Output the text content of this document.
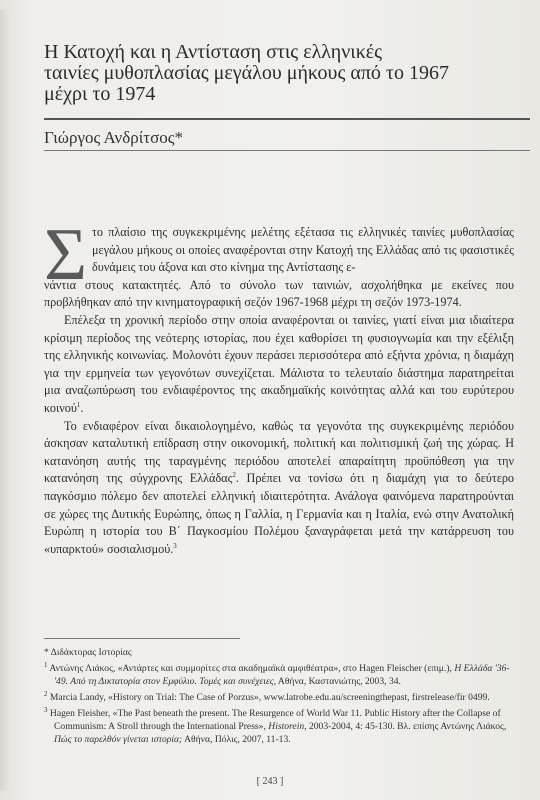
Η Κατοχή και η Αντίσταση στις ελληνικές
ταινίες μυθοπλασίας μεγάλου μήκους από το 1967
μέχρι το 1974
Γιώργος Ανδρίτσος*

Σ το πλαίσιο της συγκεκριμένης μελέτης εξέτασα τις ελληνικές ταινίες μυθοπλασίας μεγάλου μήκους οι οποίες αναφέρονται στην Κατοχή της Ελλάδας από τις φασιστικές δυνάμεις του άξονα και στο κίνημα της Αντίστασης ε-
νάντια στους κατακτητές. Από το σύνολο των ταινιών, ασχολήθηκα με εκείνες που προβλήθηκαν από την κινηματογραφική σεζόν 1967-1968 μέχρι τη σεζόν 1973-1974.

Επέλεξα τη χρονική περίοδο στην οποία αναφέρονται οι ταινίες, γιατί είναι μια ιδιαίτερα κρίσιμη περίοδος της νεότερης ιστορίας, που έχει καθορίσει τη φυσιογνωμία και την εξέλιξη της ελληνικής κοινωνίας. Μολονότι έχουν περάσει περισσότερα από εξήντα χρόνια, η διαμάχη για την ερμηνεία των γεγονότων συνεχίζεται. Μάλιστα το τελευταίο διάστημα παρατηρείται μια αναζωπύρωση του ενδιαφέροντος της ακαδημαϊκής κοινότητας αλλά και του ευρύτερου κοινού$^1$.

Το ενδιαφέρον είναι δικαιολογημένο, καθώς τα γεγονότα της συγκεκριμένης περιόδου άσκησαν καταλυτική επίδραση στην οικονομική, πολιτική και πολιτισμική ζωή της χώρας. Η κατανόηση αυτής της ταραγμένης περιόδου αποτελεί απαραίτητη προϋπόθεση για την κατανόηση της σύγχρονης Ελλάδας$^2$. Πρέπει να τονίσω ότι η διαμάχη για το δεύτερο παγκόσμιο πόλεμο δεν αποτελεί ελληνική ιδιαιτερότητα. Ανάλογα φαινόμενα παρατηρούνται σε χώρες της Δυτικής Ευρώπης, όπως η Γαλλία, η Γερμανία και η Ιταλία, ενώ στην Ανατολική Ευρώπη η ιστορία του Β΄ Παγκοσμίου Πολέμου ξαναγράφεται μετά την κατάρρευση του «υπαρκτού» σοσιαλισμού.$^3$

* Διδάκτορας Ιστορίας

$^1$ Αντώνης Λιάκος, «Αντάρτες και συμμορίτες στα ακαδημαϊκά αμφιθέατρα», στο Hagen Fleischer (επιμ.), Η Ελλάδα '36-'49. Από τη Δικτατορία στον Εμφύλιο. Τομές και συνέχειες, Αθήνα, Καστανιώτης, 2003, 34.

$^2$ Marcia Landy, «History on Trial: The Case of Porzus», www.latrobe.edu.au/screeningthepast, firstrelease/fir 0499.

$^3$ Hagen Fleisher, «The Past beneath the present. The Resurgence of World War 11. Public History after the Collapse of Communism: A Stroll through the International Press», Historein, 2003-2004, 4: 45-130. Βλ. επίσης Αντώνης Λιάκος, Πώς το παρελθόν γίνεται ιστορία; Αθήνα, Πόλις, 2007, 11-13.

[ 243 ]
